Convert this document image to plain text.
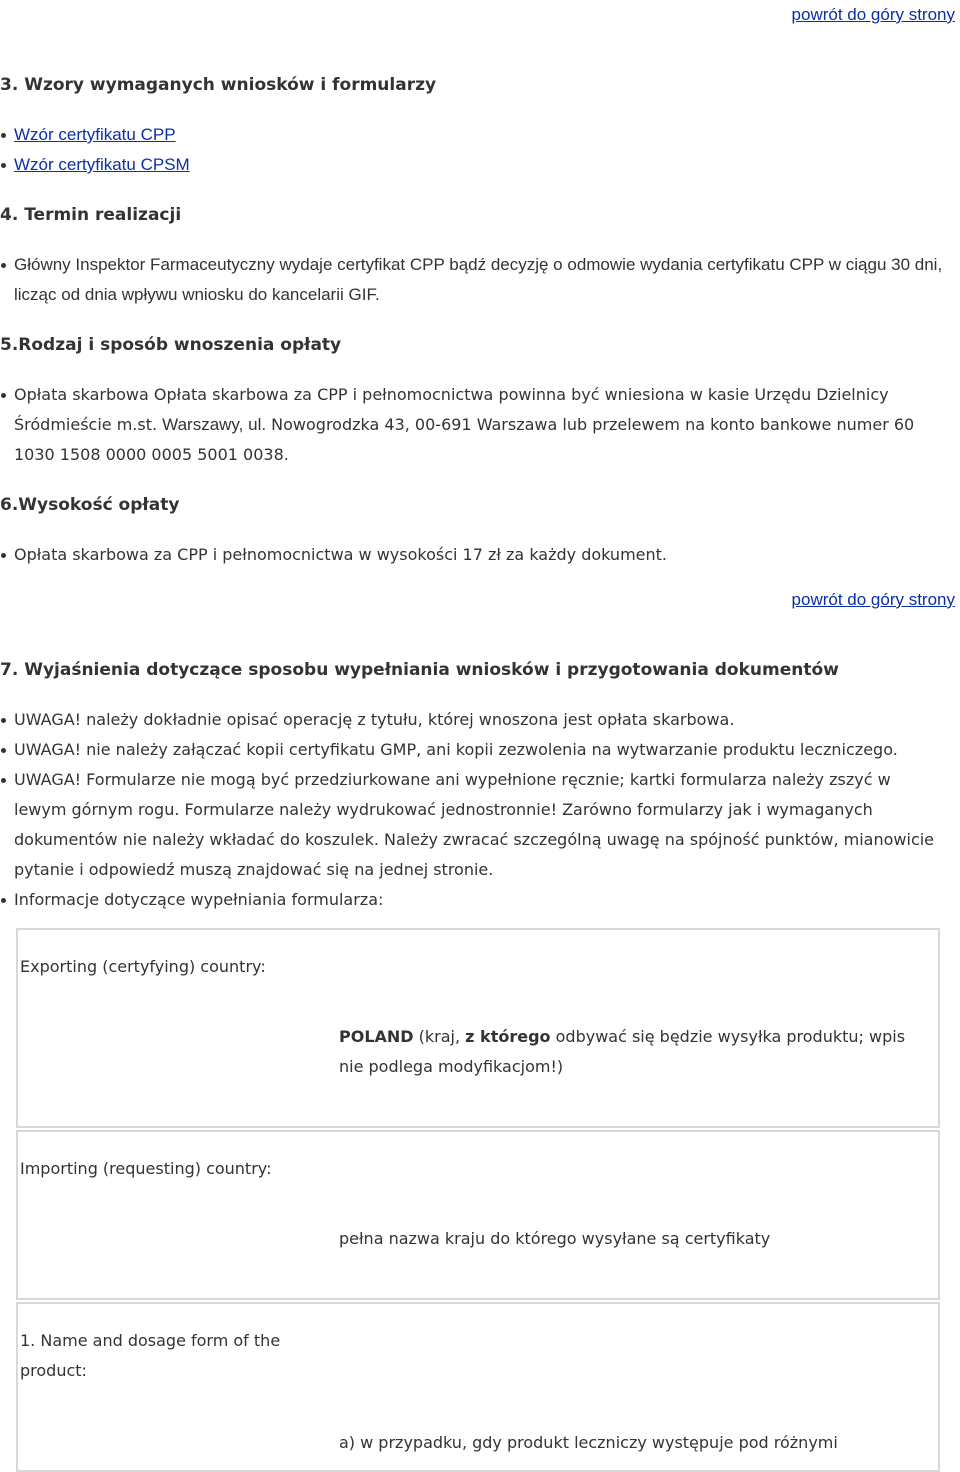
powrót do góry strony
3. Wzory wymaganych wniosków i formularzy
Wzór certyfikatu CPP
Wzór certyfikatu CPSM
4. Termin realizacji
Główny Inspektor Farmaceutyczny wydaje certyfikat CPP bądź decyzję o odmowie wydania certyfikatu CPP w ciągu 30 dni, licząc od dnia wpływu wniosku do kancelarii GIF.
5.Rodzaj i sposób wnoszenia opłaty
Opłata skarbowa Opłata skarbowa za CPP i pełnomocnictwa powinna być wniesiona w kasie Urzędu Dzielnicy Śródmieście m.st. Warszawy, ul. Nowogrodzka 43, 00-691 Warszawa lub przelewem na konto bankowe numer 60 1030 1508 0000 0005 5001 0038.
6.Wysokość opłaty
Opłata skarbowa za CPP i pełnomocnictwa w wysokości 17 zł za każdy dokument.
powrót do góry strony
7. Wyjaśnienia dotyczące sposobu wypełniania wniosków i przygotowania dokumentów
UWAGA! należy dokładnie opisać operację z tytułu, której wnoszona jest opłata skarbowa.
UWAGA! nie należy załączać kopii certyfikatu GMP, ani kopii zezwolenia na wytwarzanie produktu leczniczego.
UWAGA! Formularze nie mogą być przedziurkowane ani wypełnione ręcznie; kartki formularza należy zszyć w lewym górnym rogu. Formularze należy wydrukować jednostronnie! Zarówno formularzy jak i wymaganych dokumentów nie należy wkładać do koszulek. Należy zwracać szczególną uwagę na spójność punktów, mianowicie pytanie i odpowiedź muszą znajdować się na jednej stronie.
Informacje dotyczące wypełniania formularza:
Exporting (certyfying) country:
POLAND (kraj, z którego odbywać się będzie wysyłka produktu; wpis nie podlega modyfikacjom!)
Importing (requesting) country:
pełna nazwa kraju do którego wysyłane są certyfikaty
1. Name and dosage form of the product:
a) w przypadku, gdy produkt leczniczy występuje pod różnymi
